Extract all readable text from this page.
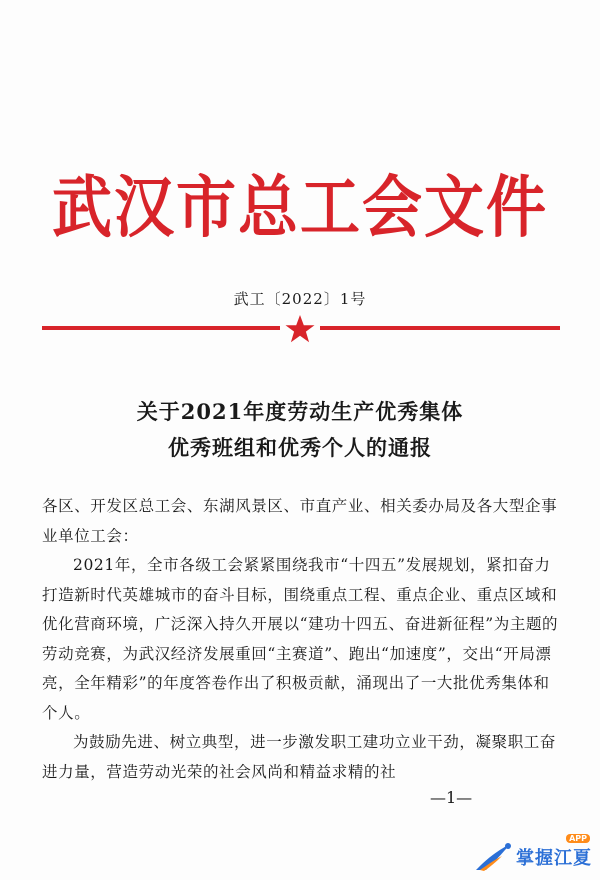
武汉市总工会文件
武工〔2022〕1号
关于2021年度劳动生产优秀集体
优秀班组和优秀个人的通报

各区、开发区总工会、东湖风景区、市直产业、相关委办局及各大型企事业单位工会：

2021年，全市各级工会紧紧围绕我市“十四五”发展规划，紧扣奋力打造新时代英雄城市的奋斗目标，围绕重点工程、重点企业、重点区域和优化营商环境，广泛深入持久开展以“建功十四五、奋进新征程”为主题的劳动竞赛，为武汉经济发展重回“主赛道”、跑出“加速度”，交出“开局漂亮，全年精彩”的年度答卷作出了积极贡献，涌现出了一大批优秀集体和个人。

为鼓励先进、树立典型，进一步激发职工建功立业干劲，凝聚职工奋进力量，营造劳动光荣的社会风尚和精益求精的社

—1—
掌握江夏
APP
